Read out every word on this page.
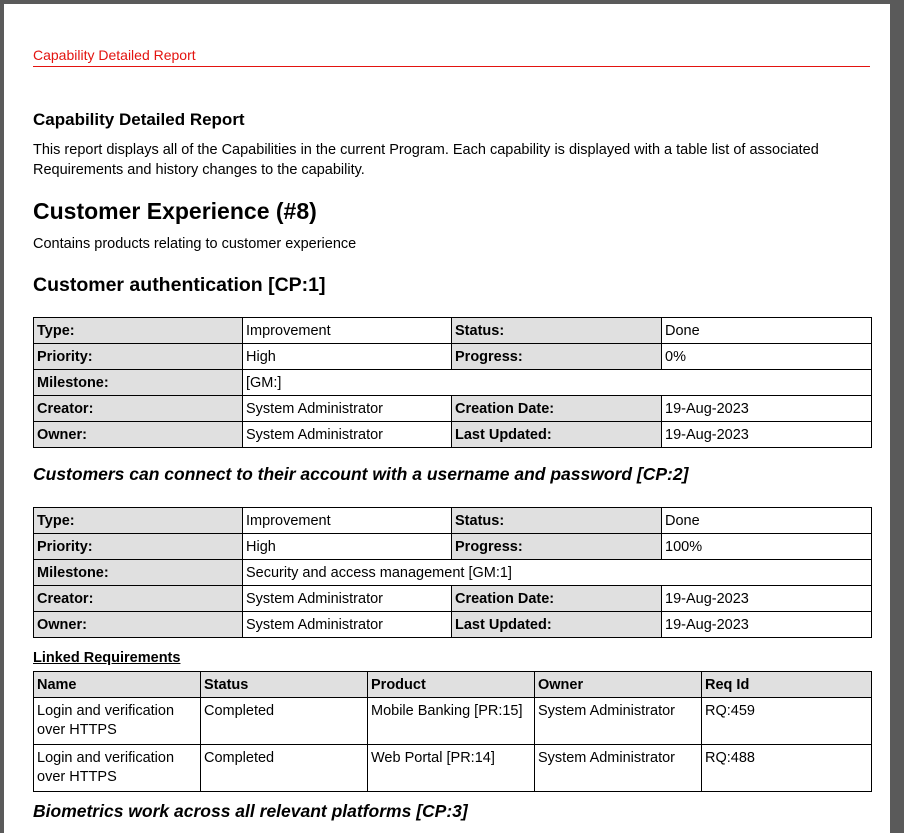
Capability Detailed Report
Capability Detailed Report
This report displays all of the Capabilities in the current Program. Each capability is displayed with a table list of associated Requirements and history changes to the capability.
Customer Experience (#8)
Contains products relating to customer experience
Customer authentication [CP:1]
Type:	Improvement	Status:	Done
Priority:	High	Progress:	0%
Milestone:	[GM:]		
Creator:	System Administrator	Creation Date:	19-Aug-2023
Owner:	System Administrator	Last Updated:	19-Aug-2023
Customers can connect to their account with a username and password [CP:2]
Type:	Improvement	Status:	Done
Priority:	High	Progress:	100%
Milestone:	Security and access management [GM:1]		
Creator:	System Administrator	Creation Date:	19-Aug-2023
Owner:	System Administrator	Last Updated:	19-Aug-2023
Linked Requirements
Name	Status	Product	Owner	Req Id
Login and verification over HTTPS	Completed	Mobile Banking [PR:15]	System Administrator	RQ:459
Login and verification over HTTPS	Completed	Web Portal [PR:14]	System Administrator	RQ:488
Biometrics work across all relevant platforms [CP:3]
